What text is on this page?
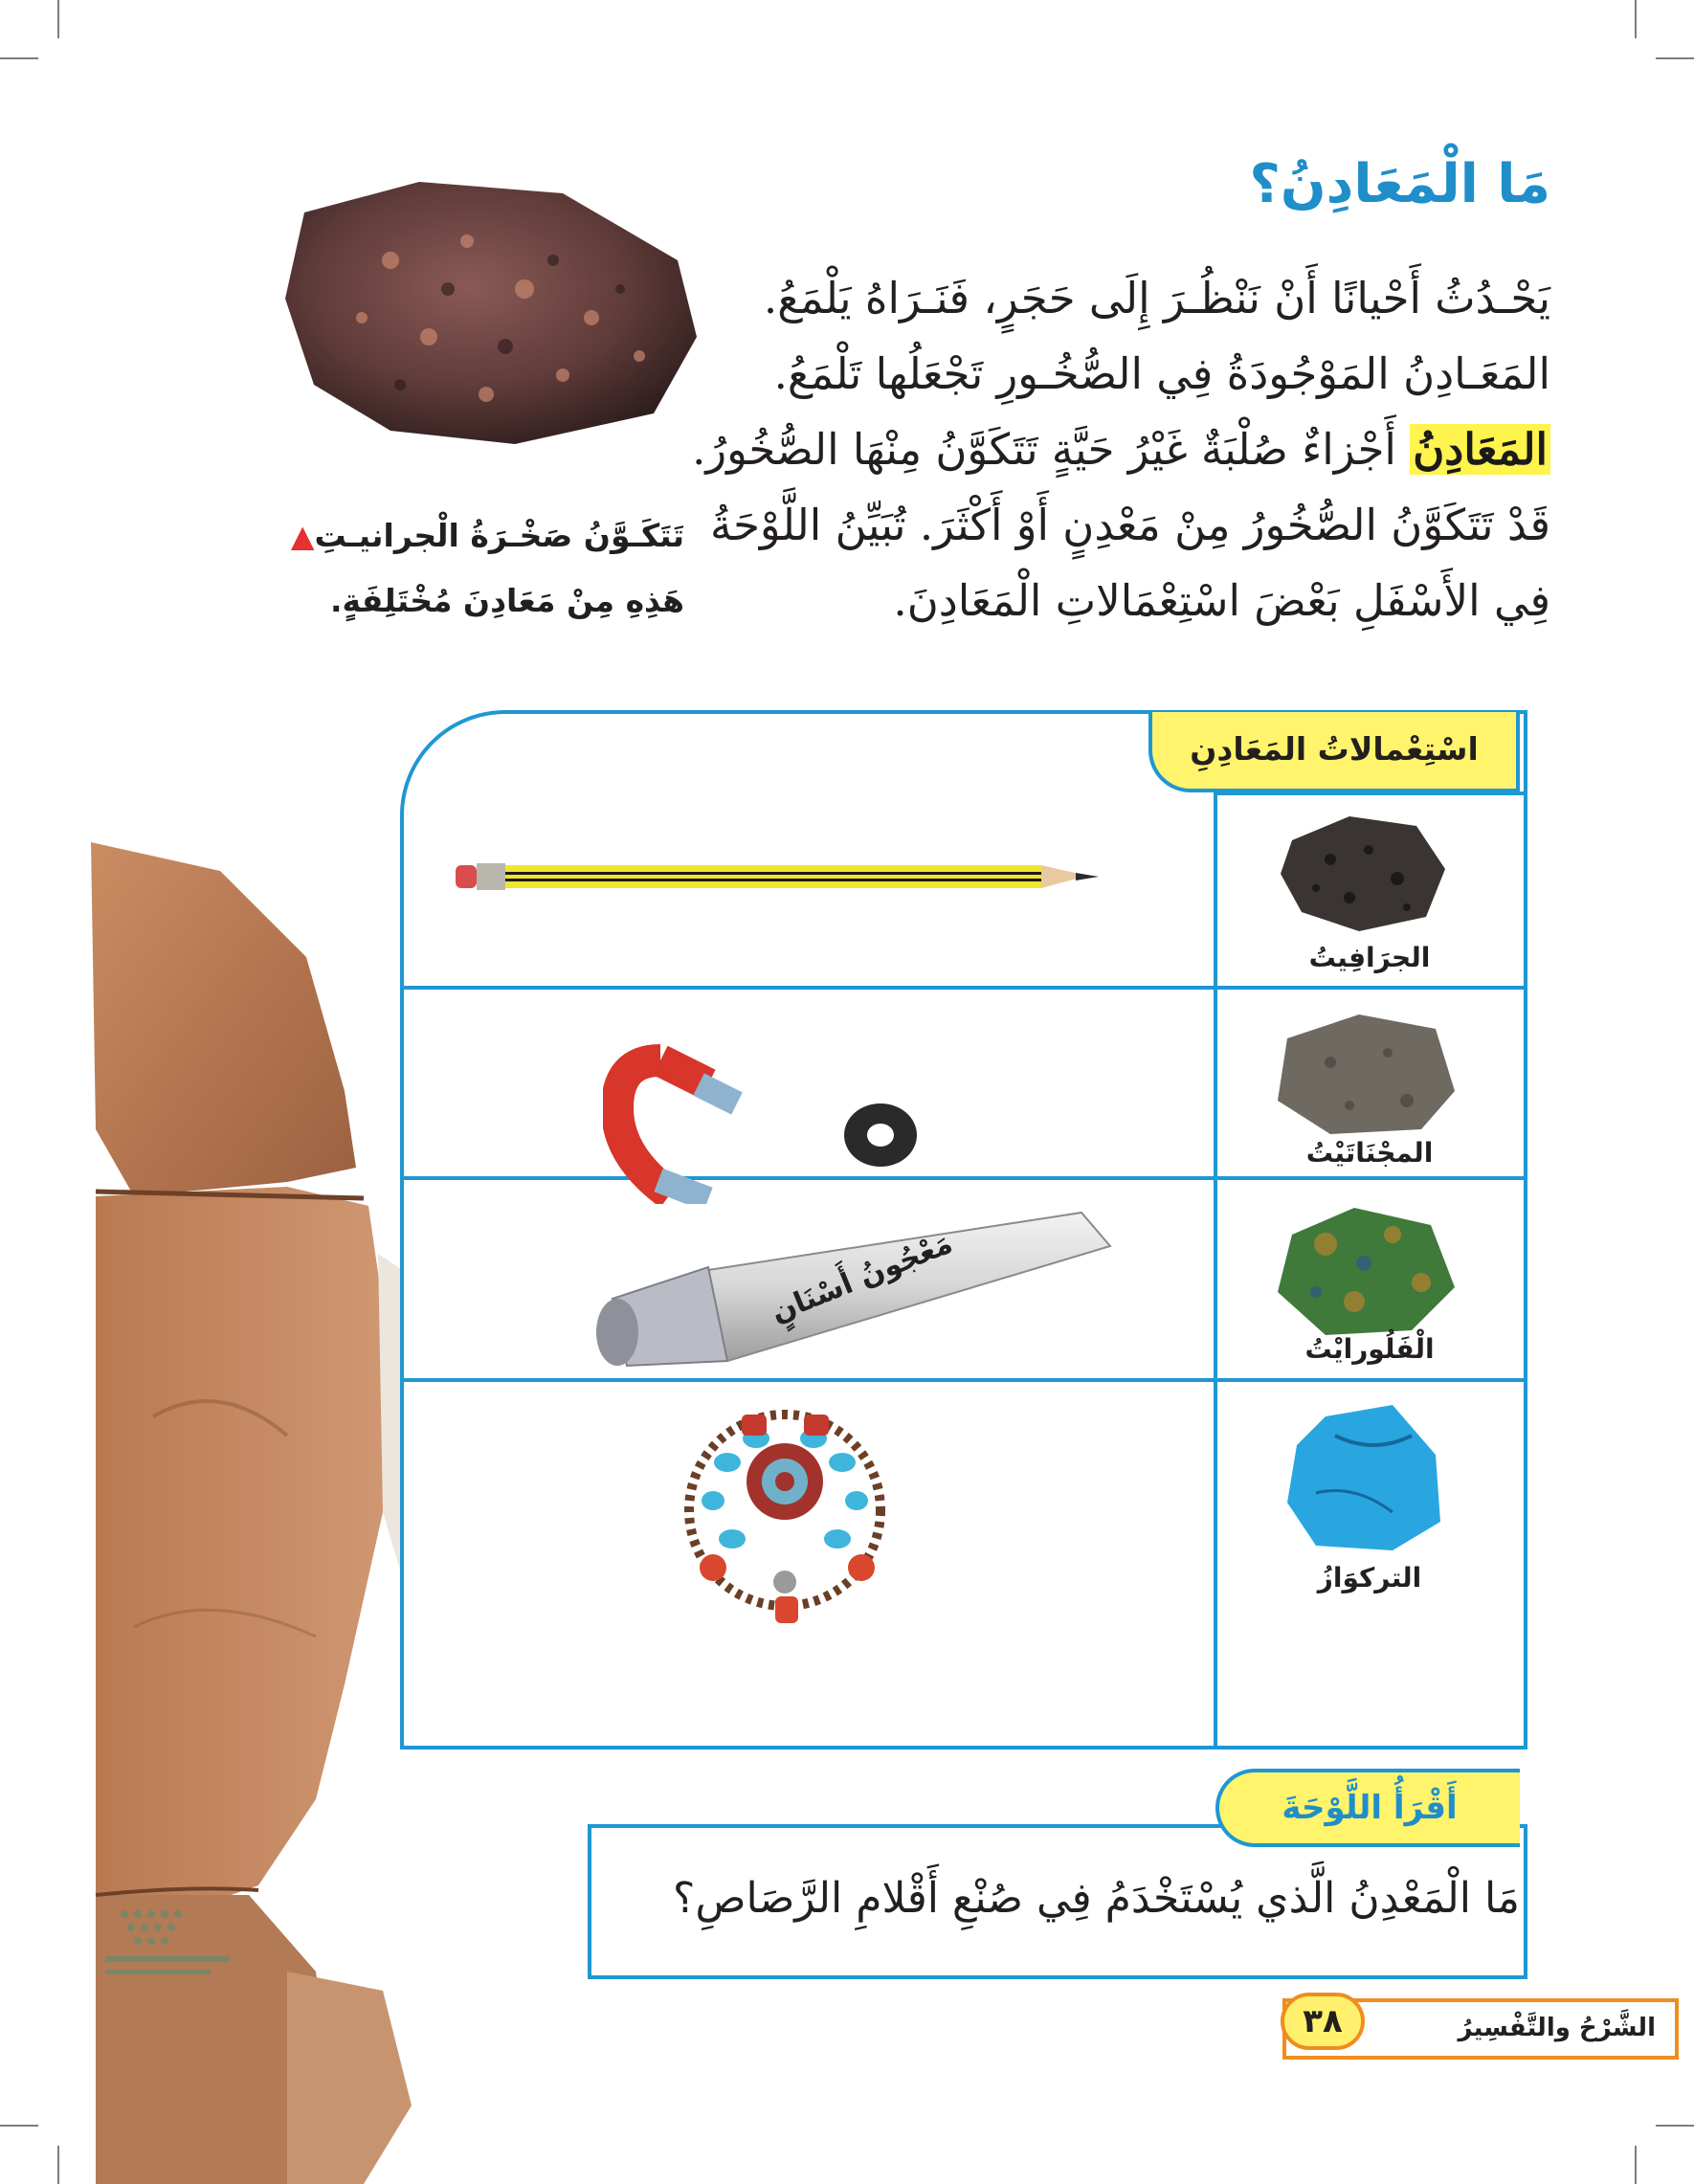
مَا الْمَعَادِنُ؟
يَحْـدُثُ أَحْيانًا أَنْ نَنْظُـرَ إِلَى حَجَرٍ، فَنَـرَاهُ يَلْمَعُ.
المَعَـادِنُ المَوْجُودَةُ فِي الصُّخُـورِ تَجْعَلُها تَلْمَعُ.
المَعَادِنُ أَجْزاءٌ صُلْبَةٌ غَيْرُ حَيَّةٍ تَتَكَوَّنُ مِنْهَا الصُّخُورُ.
قَدْ تَتَكَوَّنُ الصُّخُورُ مِنْ مَعْدِنٍ أَوْ أَكْثَرَ. تُبَيِّنُ اللَّوْحَةُ
فِي الأَسْفَلِ بَعْضَ اسْتِعْمَالاتِ الْمَعَادِنَ.
تَتَكَـوَّنُ صَخْـرَةُ الْجرانيـتِ▲
هَذِهِ مِنْ مَعَادِنَ مُخْتَلِفَةٍ.
اسْتِعْمالاتُ المَعَادِنِ
الجرَافِيتُ
المجْنَاتَيْتُ
الْفَلُورايْتُ
مَعْجُونُ أَسْنَانٍ
التركوَازُ
أَقْرَأُ اللَّوْحَةَ
مَا الْمَعْدِنُ الَّذي يُسْتَخْدَمُ فِي صُنْعِ أَقْلامِ الرَّصَاصِ؟
الشَّرْحُ والتَّفْسِيرُ
٣٨
